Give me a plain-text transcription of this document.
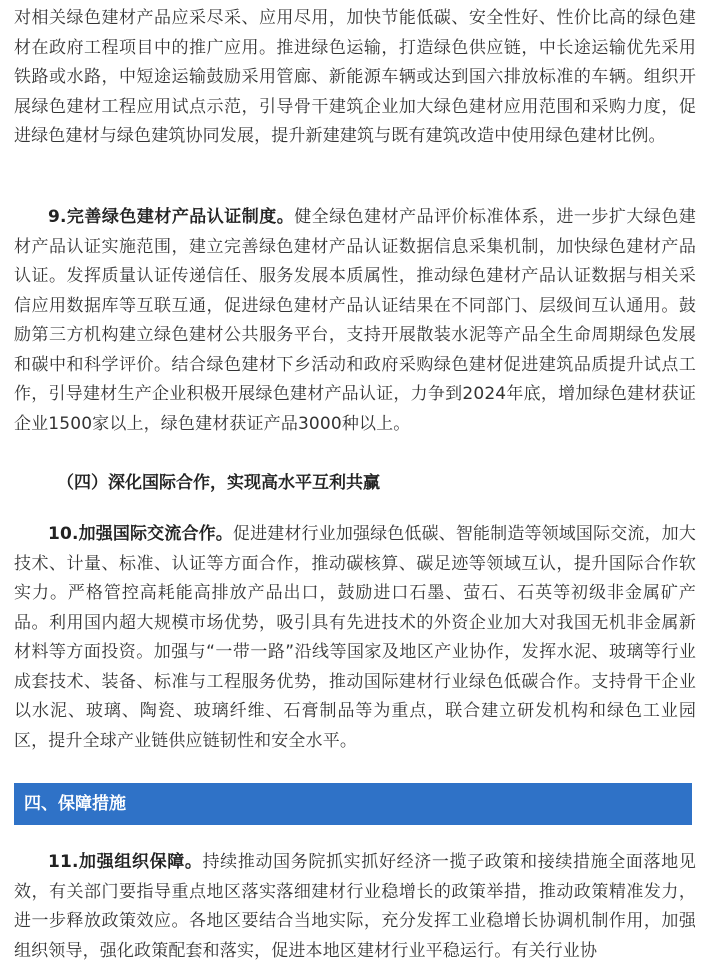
对相关绿色建材产品应采尽采、应用尽用，加快节能低碳、安全性好、性价比高的绿色建材在政府工程项目中的推广应用。推进绿色运输，打造绿色供应链，中长途运输优先采用铁路或水路，中短途运输鼓励采用管廊、新能源车辆或达到国六排放标准的车辆。组织开展绿色建材工程应用试点示范，引导骨干建筑企业加大绿色建材应用范围和采购力度，促进绿色建材与绿色建筑协同发展，提升新建建筑与既有建筑改造中使用绿色建材比例。

9.完善绿色建材产品认证制度。健全绿色建材产品评价标准体系，进一步扩大绿色建材产品认证实施范围，建立完善绿色建材产品认证数据信息采集机制，加快绿色建材产品认证。发挥质量认证传递信任、服务发展本质属性，推动绿色建材产品认证数据与相关采信应用数据库等互联互通，促进绿色建材产品认证结果在不同部门、层级间互认通用。鼓励第三方机构建立绿色建材公共服务平台，支持开展散装水泥等产品全生命周期绿色发展和碳中和科学评价。结合绿色建材下乡活动和政府采购绿色建材促进建筑品质提升试点工作，引导建材生产企业积极开展绿色建材产品认证，力争到2024年底，增加绿色建材获证企业1500家以上，绿色建材获证产品3000种以上。

（四）深化国际合作，实现高水平互利共赢

10.加强国际交流合作。促进建材行业加强绿色低碳、智能制造等领域国际交流，加大技术、计量、标准、认证等方面合作，推动碳核算、碳足迹等领域互认，提升国际合作软实力。严格管控高耗能高排放产品出口，鼓励进口石墨、萤石、石英等初级非金属矿产品。利用国内超大规模市场优势，吸引具有先进技术的外资企业加大对我国无机非金属新材料等方面投资。加强与“一带一路”沿线等国家及地区产业协作，发挥水泥、玻璃等行业成套技术、装备、标准与工程服务优势，推动国际建材行业绿色低碳合作。支持骨干企业以水泥、玻璃、陶瓷、玻璃纤维、石膏制品等为重点，联合建立研发机构和绿色工业园区，提升全球产业链供应链韧性和安全水平。

四、保障措施

11.加强组织保障。持续推动国务院抓实抓好经济一揽子政策和接续措施全面落地见效，有关部门要指导重点地区落实落细建材行业稳增长的政策举措，推动政策精准发力，进一步释放政策效应。各地区要结合当地实际，充分发挥工业稳增长协调机制作用，加强组织领导，强化政策配套和落实，促进本地区建材行业平稳运行。有关行业协
